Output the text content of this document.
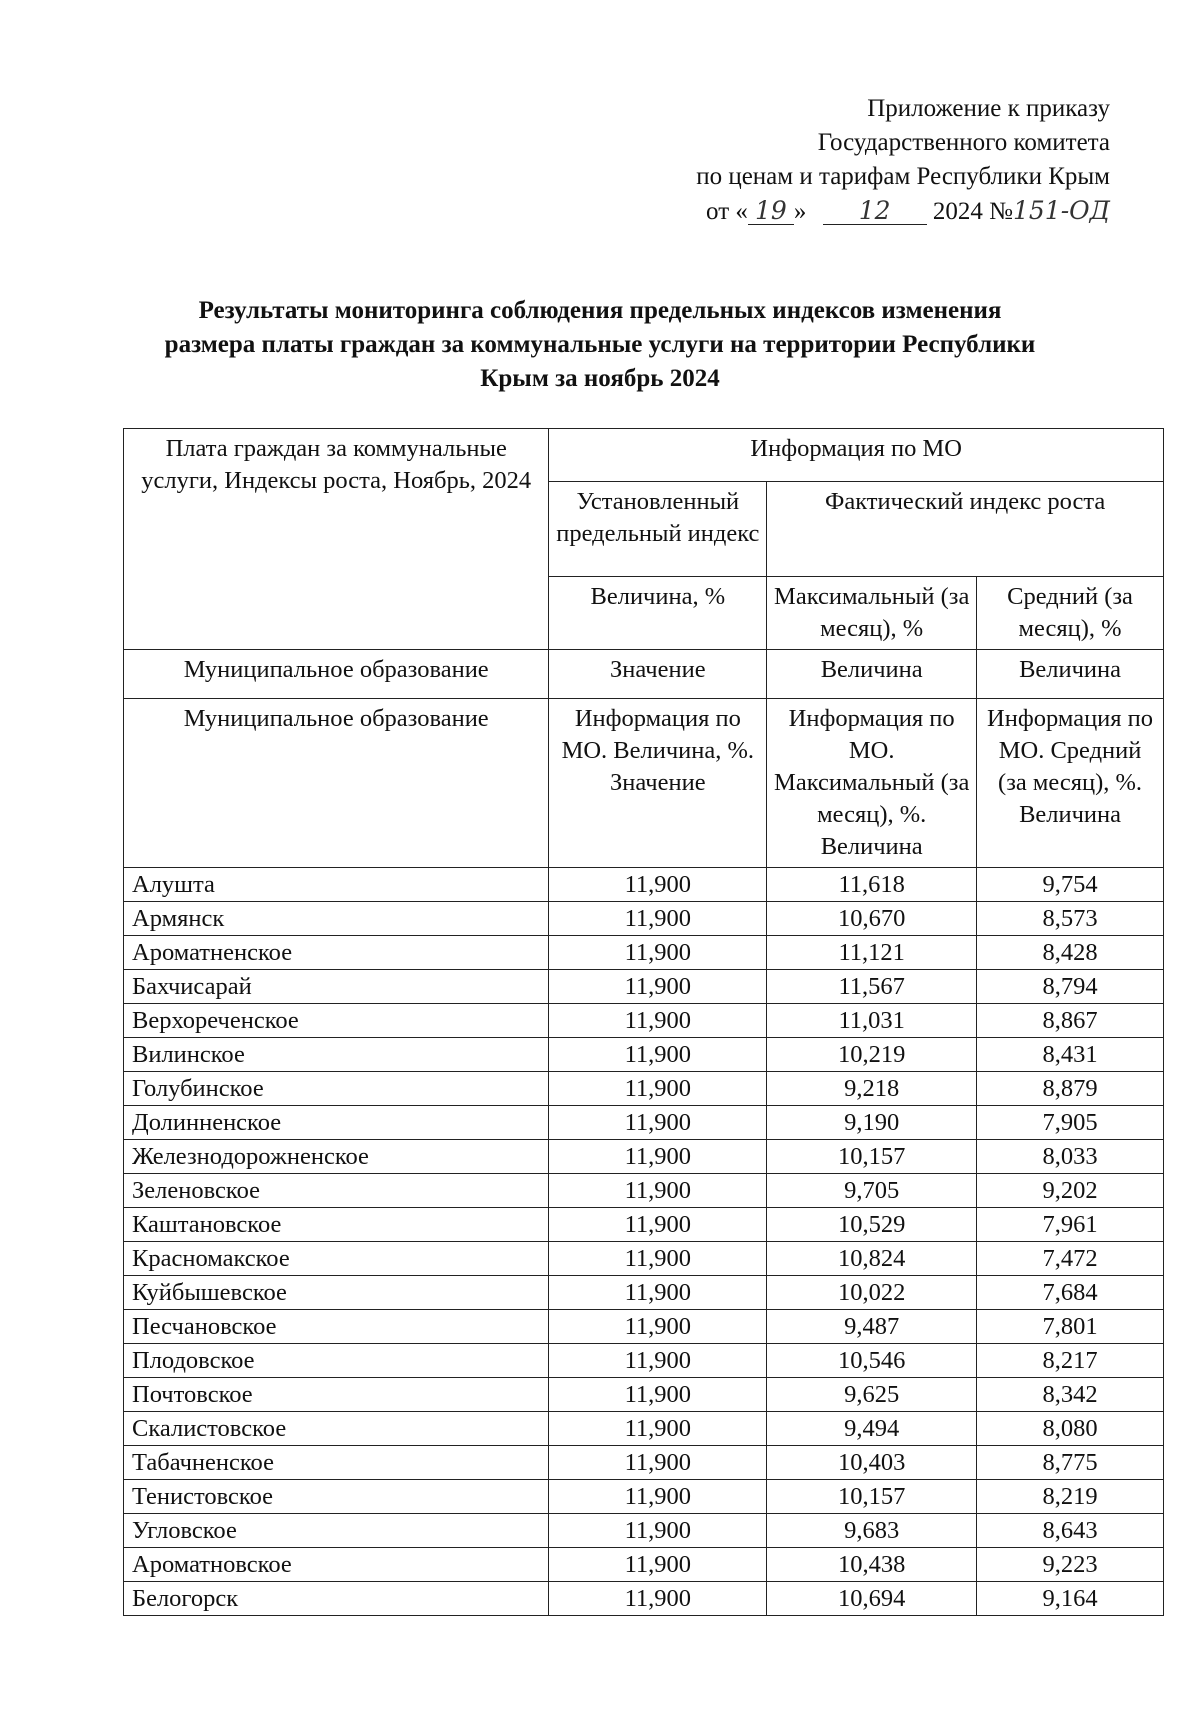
Приложение к приказу
Государственного комитета
по ценам и тарифам Республики Крым
от « 19 » 12 2024 №151-ОД
Результаты мониторинга соблюдения предельных индексов изменения
размера платы граждан за коммунальные услуги на территории Республики
Крым за ноябрь 2024
Плата граждан за коммунальные услуги, Индексы роста, Ноябрь, 2024	Информация по МО		
	Установленный предельный индекс	Фактический индекс роста	
	Величина, %	Максимальный (за месяц), %	Средний (за месяц), %
Муниципальное образование	Значение	Величина	Величина
Муниципальное образование	Информация по МО. Величина, %. Значение	Информация по МО. Максимальный (за месяц), %. Величина	Информация по МО. Средний (за месяц), %. Величина
Алушта	11,900	11,618	9,754
Армянск	11,900	10,670	8,573
Ароматненское	11,900	11,121	8,428
Бахчисарай	11,900	11,567	8,794
Верхореченское	11,900	11,031	8,867
Вилинское	11,900	10,219	8,431
Голубинское	11,900	9,218	8,879
Долинненское	11,900	9,190	7,905
Железнодорожненское	11,900	10,157	8,033
Зеленовское	11,900	9,705	9,202
Каштановское	11,900	10,529	7,961
Красномакское	11,900	10,824	7,472
Куйбышевское	11,900	10,022	7,684
Песчановское	11,900	9,487	7,801
Плодовское	11,900	10,546	8,217
Почтовское	11,900	9,625	8,342
Скалистовское	11,900	9,494	8,080
Табачненское	11,900	10,403	8,775
Тенистовское	11,900	10,157	8,219
Угловское	11,900	9,683	8,643
Ароматновское	11,900	10,438	9,223
Белогорск	11,900	10,694	9,164
